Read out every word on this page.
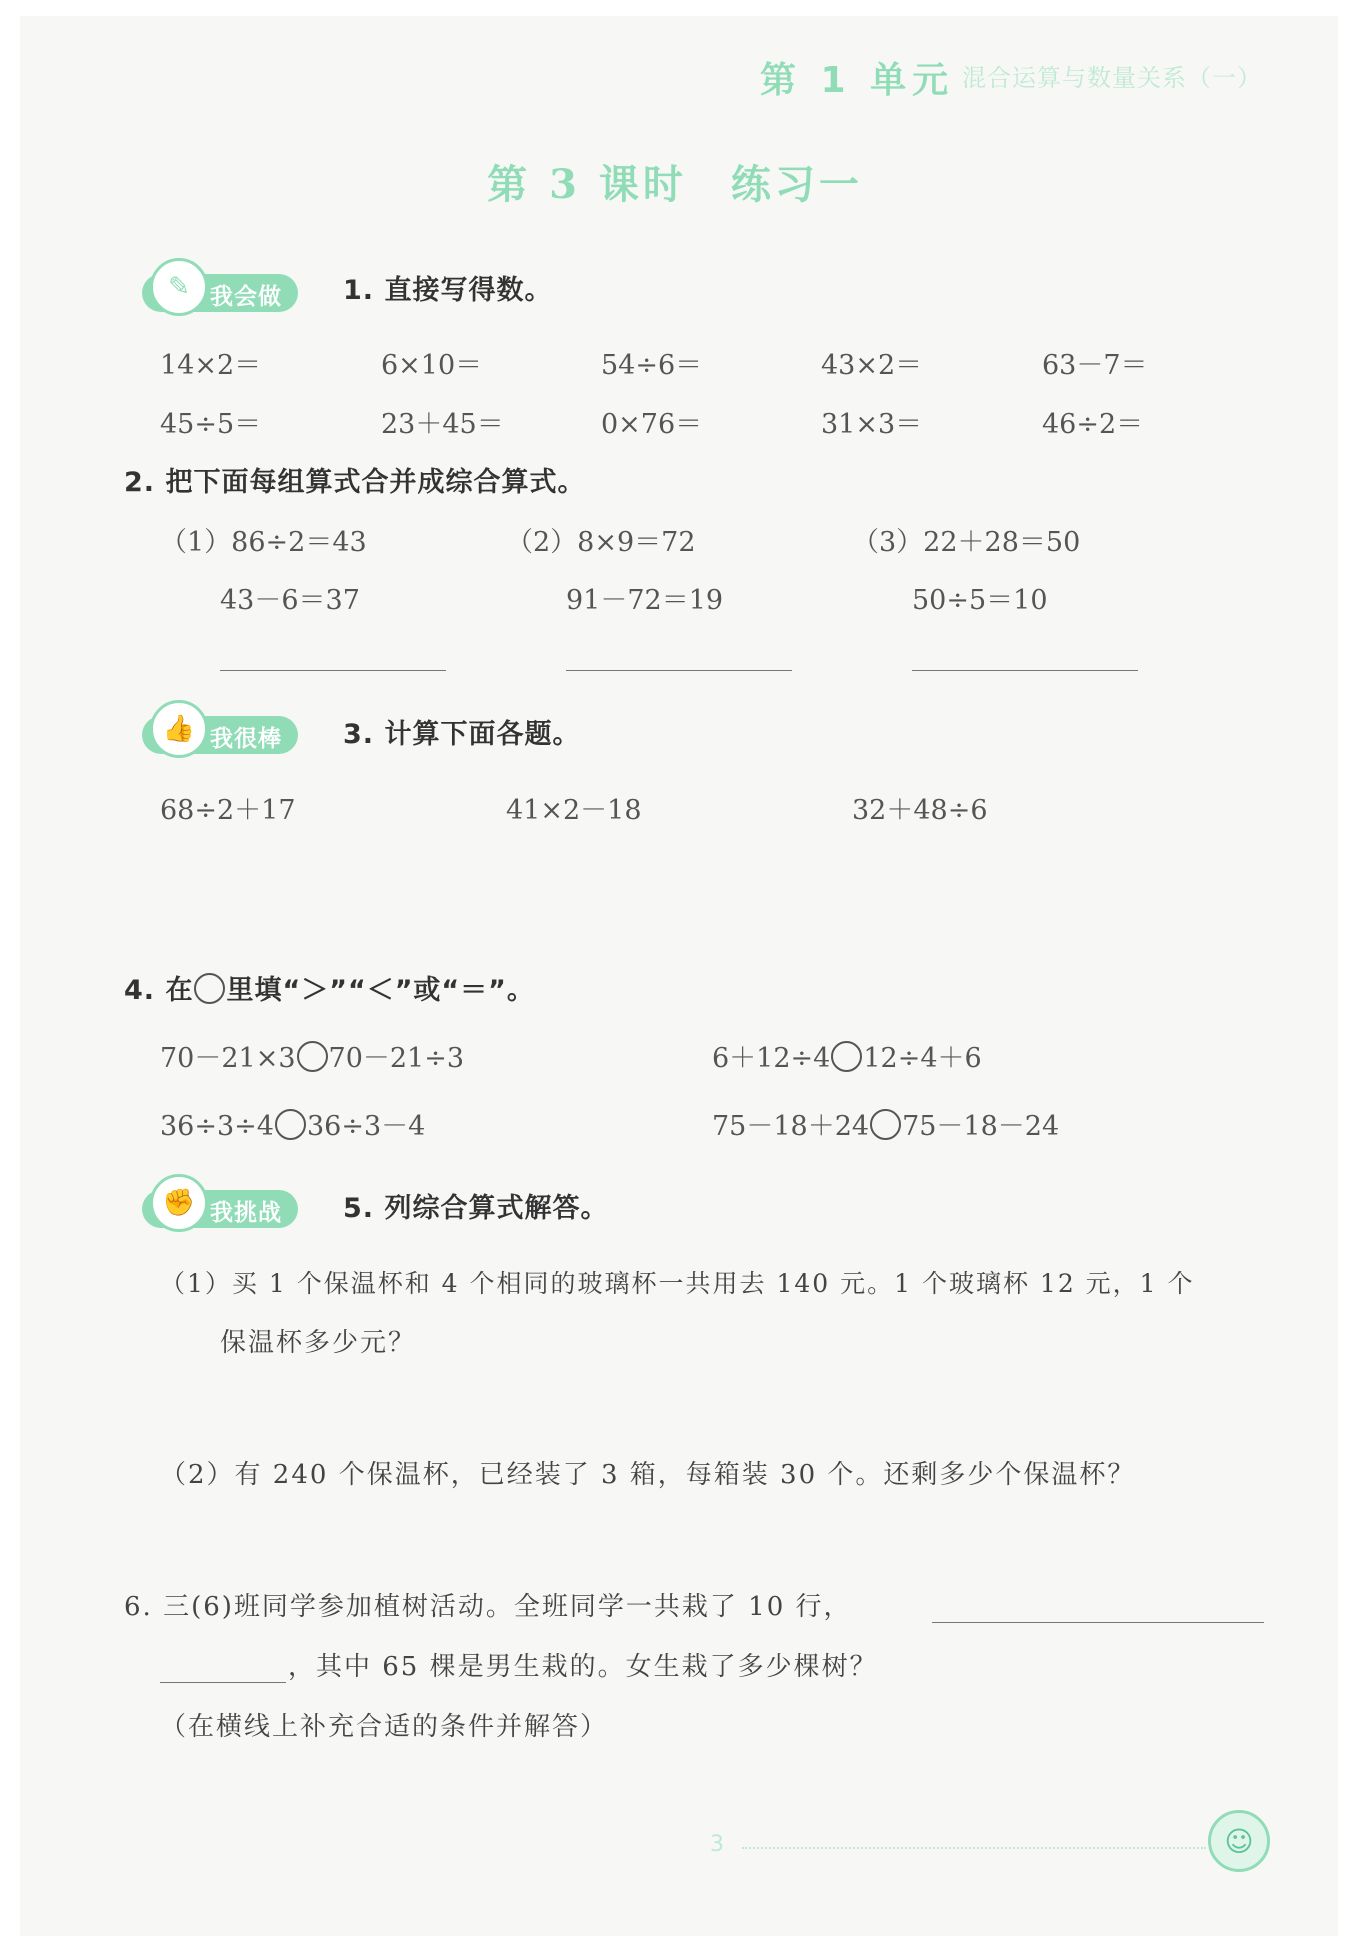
第 1 单元 混合运算与数量关系（一）
第 3 课时　练习一
✎ 我会做 1. 直接写得数。
14×2＝	6×10＝	54÷6＝	43×2＝	63－7＝
45÷5＝	23＋45＝	0×76＝	31×3＝	46÷2＝
2. 把下面每组算式合并成综合算式。
（1）86÷2＝43
43－6＝37
（2）8×9＝72
91－72＝19
（3）22＋28＝50
50÷5＝10
👍 我很棒 3. 计算下面各题。
68÷2＋17	41×2－18	32＋48÷6
4. 在 里填“＞”“＜”或“＝”。
70－21×3 70－21÷3	6＋12÷4 12÷4＋6
36÷3÷4 36÷3－4	75－18＋24 75－18－24
✊ 我挑战 5. 列综合算式解答。
（1）买 1 个保温杯和 4 个相同的玻璃杯一共用去 140 元。1 个玻璃杯 12 元，1 个
保温杯多少元？
（2）有 240 个保温杯，已经装了 3 箱，每箱装 30 个。还剩多少个保温杯？
6. 三(6)班同学参加植树活动。全班同学一共栽了 10 行，
，其中 65 棵是男生栽的。女生栽了多少棵树？
（在横线上补充合适的条件并解答）
3	☺
